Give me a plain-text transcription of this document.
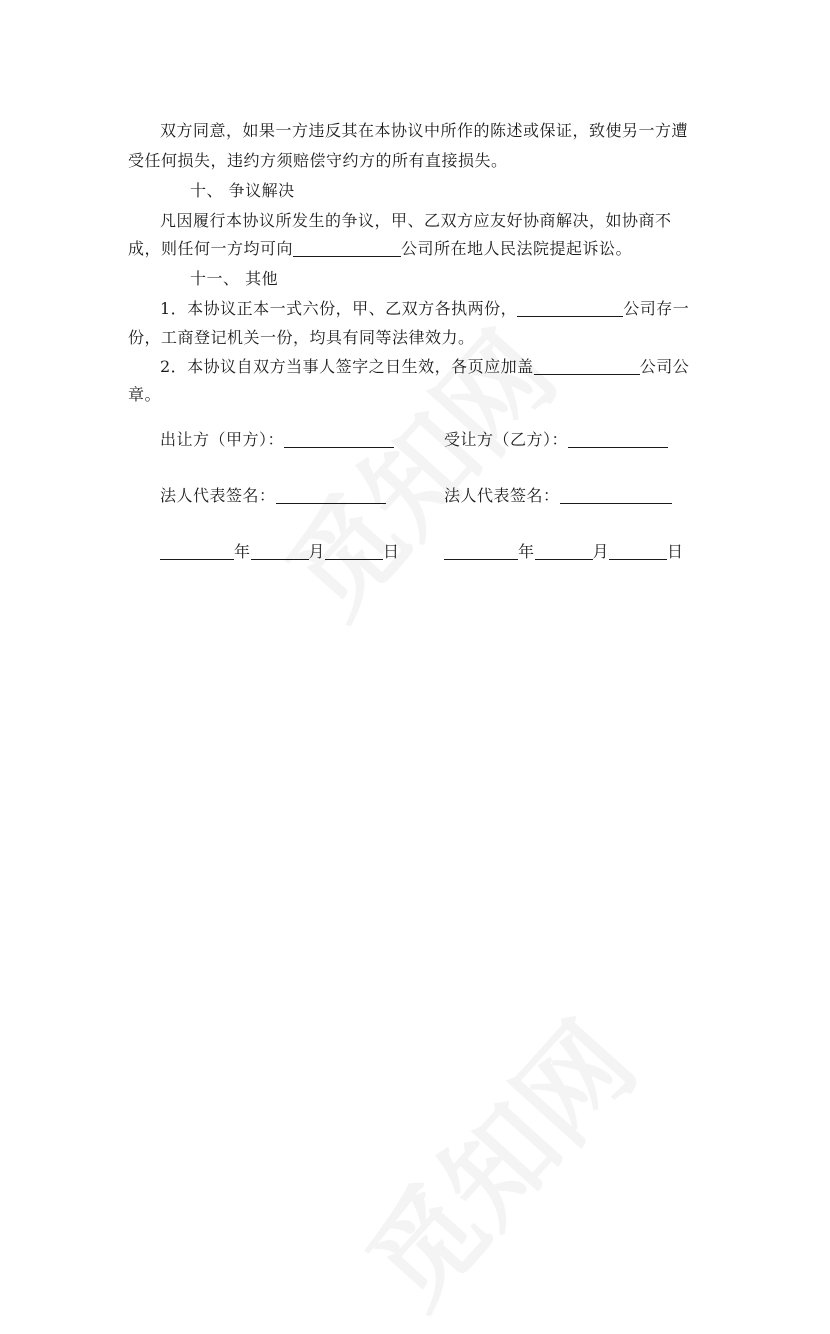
双方同意，如果一方违反其在本协议中所作的陈述或保证，致使另一方遭
受任何损失，违约方须赔偿守约方的所有直接损失。
十、 争议解决
凡因履行本协议所发生的争议，甲、乙双方应友好协商解决，如协商不
成，则任何一方均可向	公司所在地人民法院提起诉讼。
十一、 其他
1．本协议正本一式六份，甲、乙双方各执两份，	公司存一
份，工商登记机关一份，均具有同等法律效力。
2．本协议自双方当事人签字之日生效，各页应加盖	公司公
章。
出让方（甲方）：	受让方（乙方）：
法人代表签名：	法人代表签名：
年	月	日	年	月	日
